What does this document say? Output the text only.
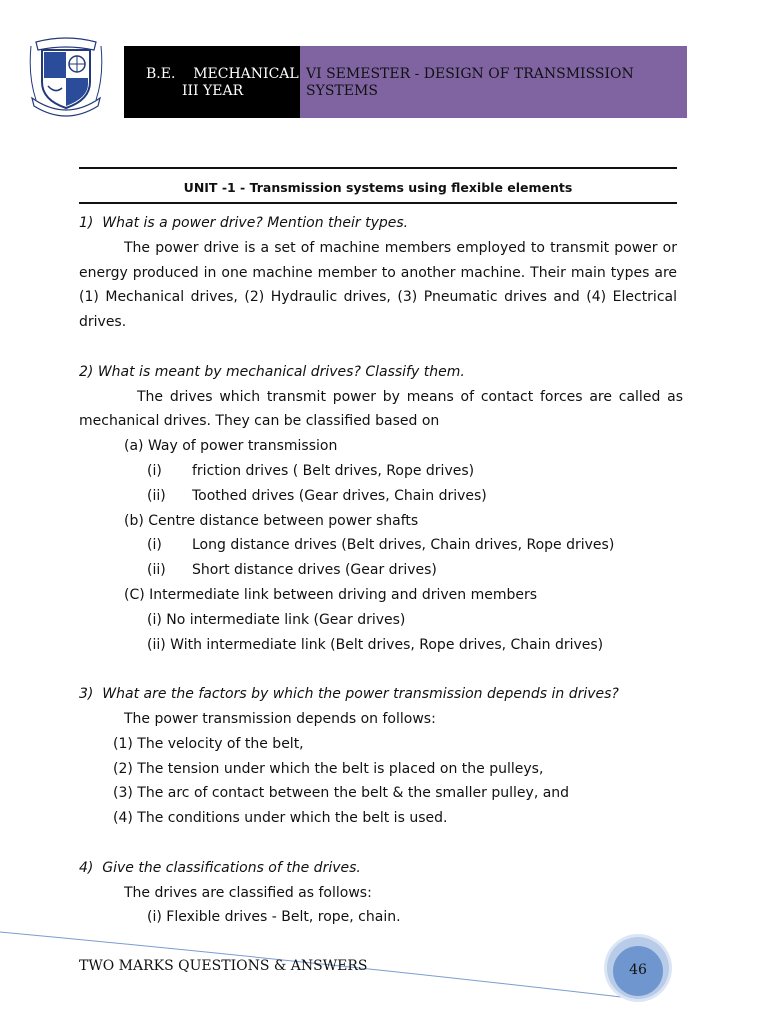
B.E.    MECHANICAL
III YEAR
VI SEMESTER - DESIGN OF TRANSMISSION SYSTEMS
UNIT -1 - Transmission systems using flexible elements

1)  What is a power drive? Mention their types.

The power drive is a set of machine members employed to transmit power or energy produced in one machine member to another machine. Their main types are (1) Mechanical drives, (2) Hydraulic drives, (3) Pneumatic drives and (4) Electrical drives.

2) What is meant by mechanical drives? Classify them.

The drives which transmit power by means of contact forces are called as mechanical drives. They can be classified based on

(a) Way of power transmission

(i) friction drives ( Belt drives, Rope drives)

(ii) Toothed drives (Gear drives, Chain drives)

(b) Centre distance between power shafts

(i) Long distance drives (Belt drives, Chain drives, Rope drives)

(ii) Short distance drives (Gear drives)

(C) Intermediate link between driving and driven members

(i) No intermediate link (Gear drives)

(ii) With intermediate link (Belt drives, Rope drives, Chain drives)

3)  What are the factors by which the power transmission depends in drives?

The power transmission depends on follows:

(1) The velocity of the belt,

(2) The tension under which the belt is placed on the pulleys,

(3) The arc of contact between the belt & the smaller pulley, and

(4) The conditions under which the belt is used.

4)  Give the classifications of the drives.

The drives are classified as follows:

(i) Flexible drives - Belt, rope, chain.

TWO MARKS QUESTIONS & ANSWERS	46
